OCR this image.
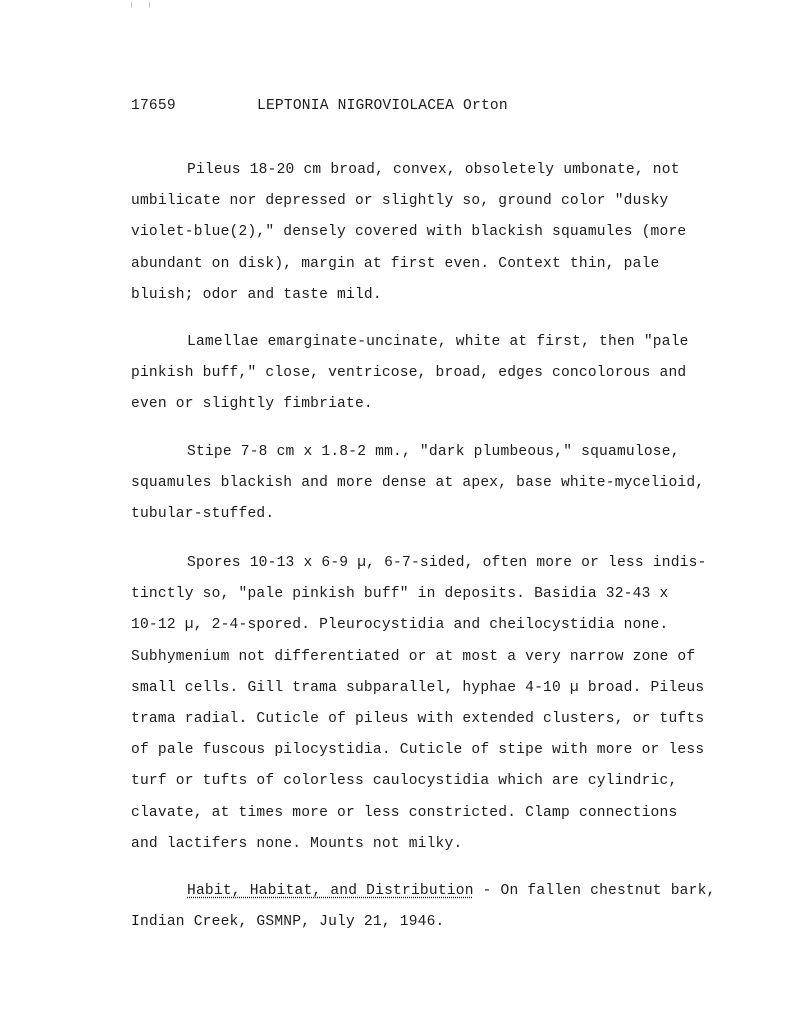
17659	LEPTONIA NIGROVIOLACEA Orton
Pileus 18-20 cm broad, convex, obsoletely umbonate, not
umbilicate nor depressed or slightly so, ground color "dusky
violet-blue(2)," densely covered with blackish squamules (more
abundant on disk), margin at first even. Context thin, pale
bluish; odor and taste mild.
Lamellae emarginate-uncinate, white at first, then "pale
pinkish buff," close, ventricose, broad, edges concolorous and
even or slightly fimbriate.
Stipe 7-8 cm x 1.8-2 mm., "dark plumbeous," squamulose,
squamules blackish and more dense at apex, base white-mycelioid,
tubular-stuffed.
Spores 10-13 x 6-9 µ, 6-7-sided, often more or less indis-
tinctly so, "pale pinkish buff" in deposits. Basidia 32-43 x
10-12 µ, 2-4-spored. Pleurocystidia and cheilocystidia none.
Subhymenium not differentiated or at most a very narrow zone of
small cells. Gill trama subparallel, hyphae 4-10 µ broad. Pileus
trama radial. Cuticle of pileus with extended clusters, or tufts
of pale fuscous pilocystidia. Cuticle of stipe with more or less
turf or tufts of colorless caulocystidia which are cylindric,
clavate, at times more or less constricted. Clamp connections
and lactifers none. Mounts not milky.
Habit, Habitat, and Distribution - On fallen chestnut bark,
Indian Creek, GSMNP, July 21, 1946.
